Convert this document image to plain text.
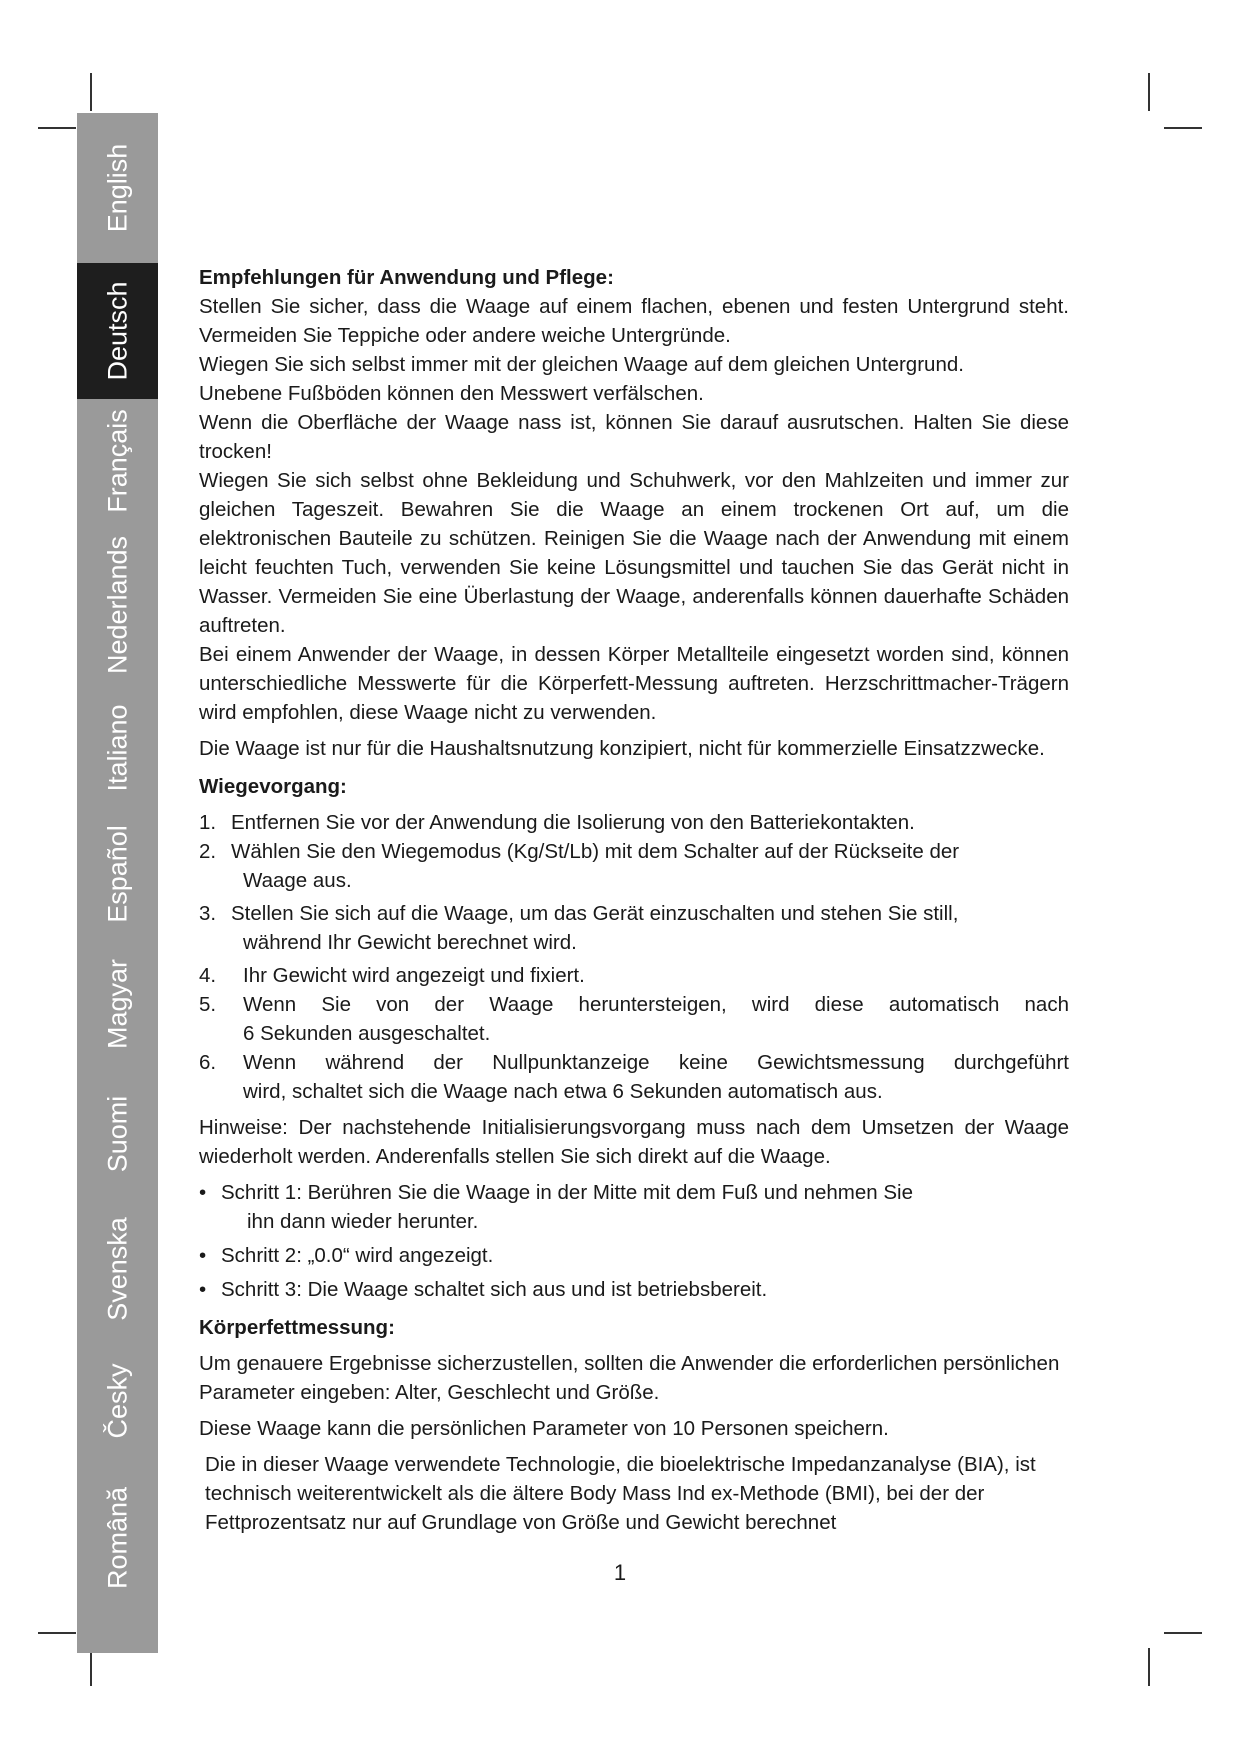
English
Deutsch
Français
Nederlands
Italiano
Español
Magyar
Suomi
Svenska
Česky
Română
Empfehlungen für Anwendung und Pflege:

Stellen Sie sicher, dass die Waage auf einem flachen, ebenen und festen Untergrund steht. Vermeiden Sie Teppiche oder andere weiche Untergründe.

Wiegen Sie sich selbst immer mit der gleichen Waage auf dem gleichen Untergrund.

Unebene Fußböden können den Messwert verfälschen.

Wenn die Oberfläche der Waage nass ist, können Sie darauf ausrutschen. Halten Sie diese trocken!

Wiegen Sie sich selbst ohne Bekleidung und Schuhwerk, vor den Mahlzeiten und immer zur gleichen Tageszeit. Bewahren Sie die Waage an einem trockenen Ort auf, um die elektronischen Bauteile zu schützen. Reinigen Sie die Waage nach der Anwendung mit einem leicht feuchten Tuch, verwenden Sie keine Lösungsmittel und tauchen Sie das Gerät nicht in Wasser. Vermeiden Sie eine Überlastung der Waage, anderenfalls können dauerhafte Schäden auftreten.

Bei einem Anwender der Waage, in dessen Körper Metallteile eingesetzt worden sind, können unterschiedliche Messwerte für die Körperfett-Messung auftreten. Herzschrittmacher-Trägern wird empfohlen, diese Waage nicht zu verwenden.

Die Waage ist nur für die Haushaltsnutzung konzipiert, nicht für kommerzielle Einsatzzwecke.

Wiegevorgang:
1. Entfernen Sie vor der Anwendung die Isolierung von den Batteriekontakten.
2. Wählen Sie den Wiegemodus (Kg/St/Lb) mit dem Schalter auf der Rückseite der

Waage aus.

3. Stellen Sie sich auf die Waage, um das Gerät einzuschalten und stehen Sie still,

während Ihr Gewicht berechnet wird.

4.	Ihr Gewicht wird angezeigt und fixiert.
5.	Wenn Sie von der Waage heruntersteigen, wird diese automatisch nach

6 Sekunden ausgeschaltet.

6.	Wenn während der Nullpunktanzeige keine Gewichtsmessung durchgeführt

wird, schaltet sich die Waage nach etwa 6 Sekunden automatisch aus.

Hinweise: Der nachstehende Initialisierungsvorgang muss nach dem Umsetzen der Waage wiederholt werden. Anderenfalls stellen Sie sich direkt auf die Waage.

• Schritt 1: Berühren Sie die Waage in der Mitte mit dem Fuß und nehmen Sie

ihn dann wieder herunter.

• Schritt 2: „0.0“ wird angezeigt.
• Schritt 3: Die Waage schaltet sich aus und ist betriebsbereit.
Körperfettmessung:

Um genauere Ergebnisse sicherzustellen, sollten die Anwender die erforderlichen persönlichen Parameter eingeben: Alter, Geschlecht und Größe.

Diese Waage kann die persönlichen Parameter von 10 Personen speichern.

Die in dieser Waage verwendete Technologie, die bioelektrische Impedanzanalyse (BIA), ist technisch weiterentwickelt als die ältere Body Mass Ind ex-Methode (BMI), bei der der Fettprozentsatz nur auf Grundlage von Größe und Gewicht berechnet

1
